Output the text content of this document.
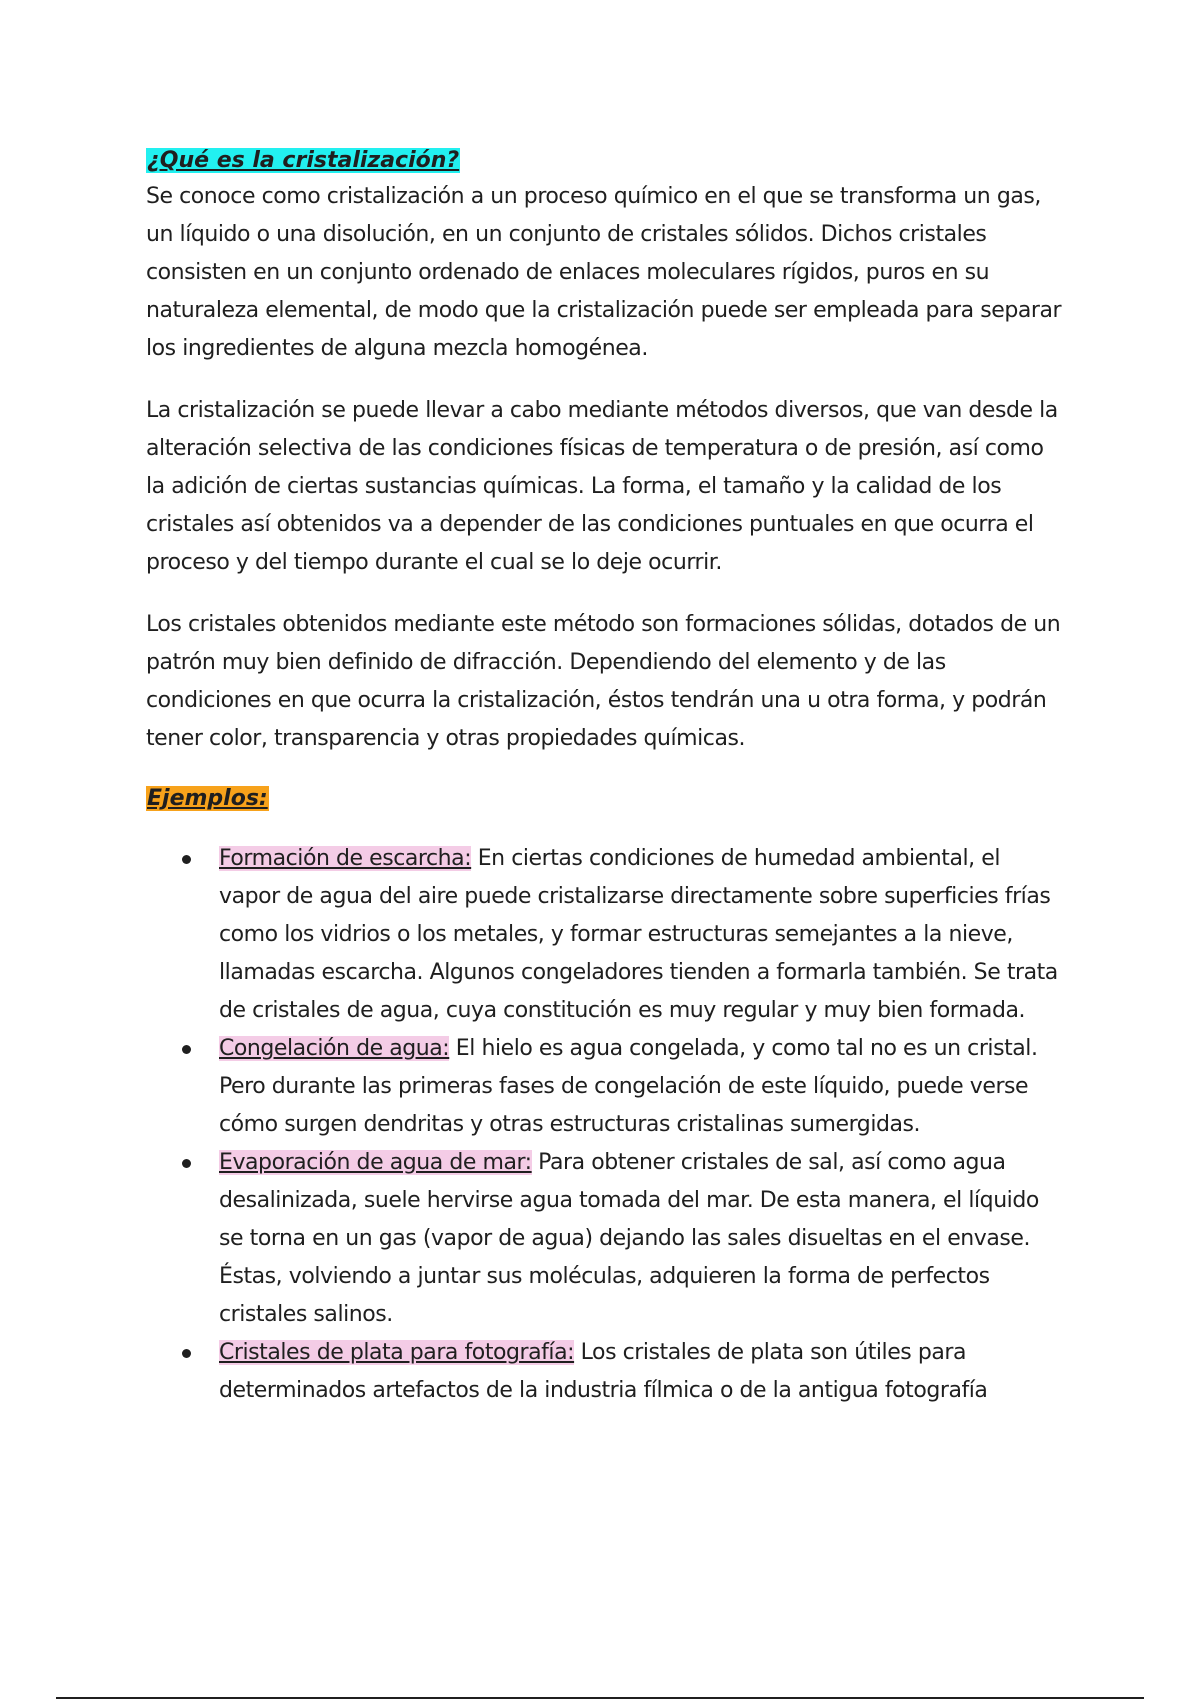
¿Qué es la cristalización?

Se conoce como cristalización a un proceso químico en el que se transforma un gas, un líquido o una disolución, en un conjunto de cristales sólidos. Dichos cristales consisten en un conjunto ordenado de enlaces moleculares rígidos, puros en su naturaleza elemental, de modo que la cristalización puede ser empleada para separar los ingredientes de alguna mezcla homogénea.

La cristalización se puede llevar a cabo mediante métodos diversos, que van desde la alteración selectiva de las condiciones físicas de temperatura o de presión, así como la adición de ciertas sustancias químicas. La forma, el tamaño y la calidad de los cristales así obtenidos va a depender de las condiciones puntuales en que ocurra el proceso y del tiempo durante el cual se lo deje ocurrir.

Los cristales obtenidos mediante este método son formaciones sólidas, dotados de un patrón muy bien definido de difracción. Dependiendo del elemento y de las condiciones en que ocurra la cristalización, éstos tendrán una u otra forma, y podrán tener color, transparencia y otras propiedades químicas.

Ejemplos:
Formación de escarcha: En ciertas condiciones de humedad ambiental, el vapor de agua del aire puede cristalizarse directamente sobre superficies frías como los vidrios o los metales, y formar estructuras semejantes a la nieve, llamadas escarcha. Algunos congeladores tienden a formarla también. Se trata de cristales de agua, cuya constitución es muy regular y muy bien formada.
Congelación de agua: El hielo es agua congelada, y como tal no es un cristal. Pero durante las primeras fases de congelación de este líquido, puede verse cómo surgen dendritas y otras estructuras cristalinas sumergidas.
Evaporación de agua de mar: Para obtener cristales de sal, así como agua desalinizada, suele hervirse agua tomada del mar. De esta manera, el líquido se torna en un gas (vapor de agua) dejando las sales disueltas en el envase. Éstas, volviendo a juntar sus moléculas, adquieren la forma de perfectos cristales salinos.
Cristales de plata para fotografía: Los cristales de plata son útiles para determinados artefactos de la industria fílmica o de la antigua fotografía
